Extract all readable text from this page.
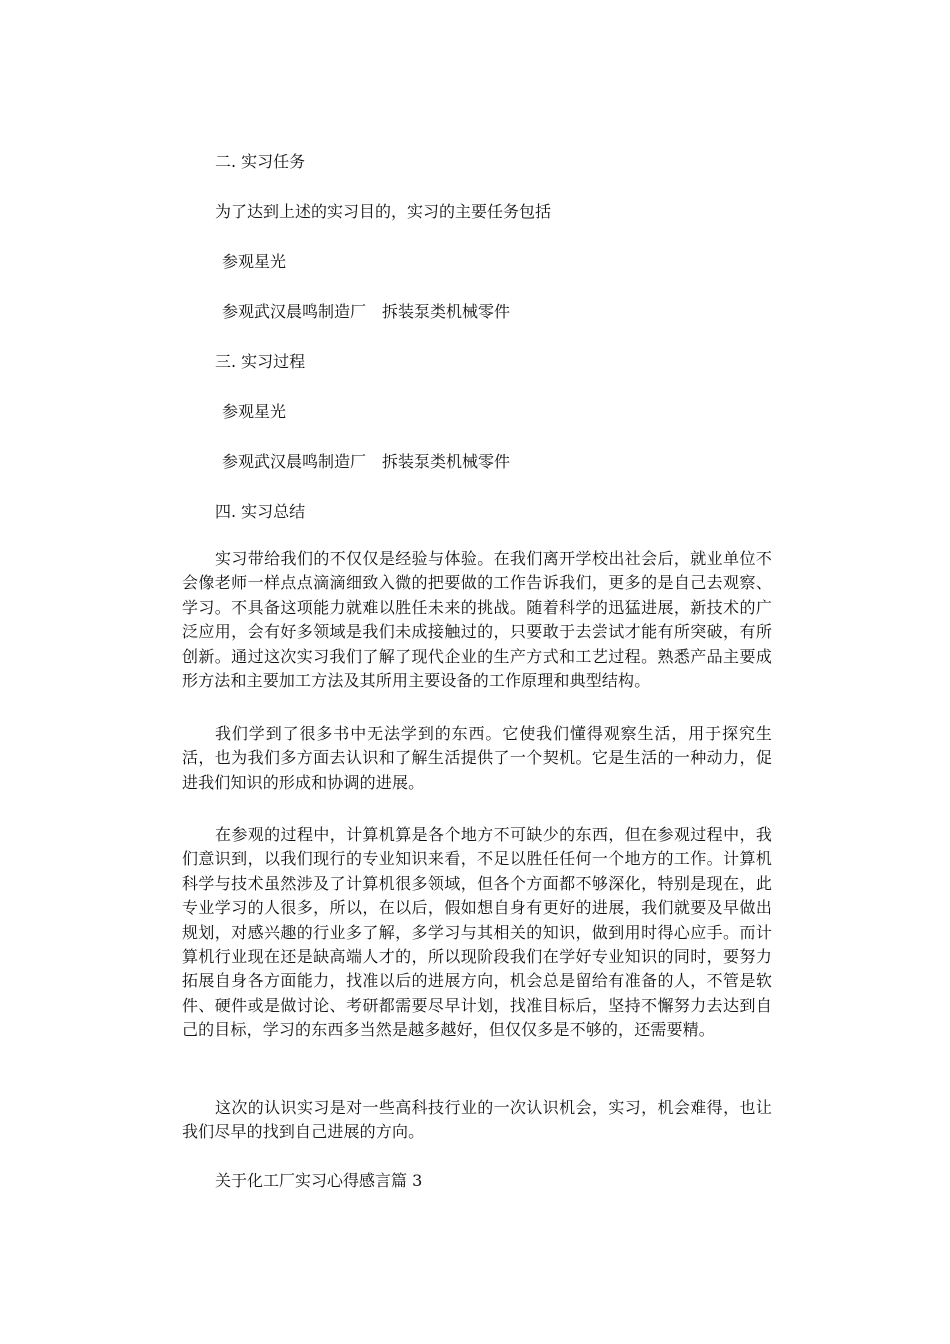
二. 实习任务
为了达到上述的实习目的，实习的主要任务包括
参观星光
参观武汉晨鸣制造厂 拆装泵类机械零件
三. 实习过程
参观星光
参观武汉晨鸣制造厂 拆装泵类机械零件
四. 实习总结
实习带给我们的不仅仅是经验与体验。在我们离开学校出社会后，就业单位不会像老师一样点点滴滴细致入微的把要做的工作告诉我们，更多的是自己去观察、学习。不具备这项能力就难以胜任未来的挑战。随着科学的迅猛进展，新技术的广泛应用，会有好多领域是我们未成接触过的，只要敢于去尝试才能有所突破，有所创新。通过这次实习我们了解了现代企业的生产方式和工艺过程。熟悉产品主要成形方法和主要加工方法及其所用主要设备的工作原理和典型结构。
我们学到了很多书中无法学到的东西。它使我们懂得观察生活，用于探究生活，也为我们多方面去认识和了解生活提供了一个契机。它是生活的一种动力，促进我们知识的形成和协调的进展。
在参观的过程中，计算机算是各个地方不可缺少的东西，但在参观过程中，我们意识到，以我们现行的专业知识来看，不足以胜任任何一个地方的工作。计算机科学与技术虽然涉及了计算机很多领域，但各个方面都不够深化，特别是现在，此专业学习的人很多，所以，在以后，假如想自身有更好的进展，我们就要及早做出规划，对感兴趣的行业多了解，多学习与其相关的知识，做到用时得心应手。而计算机行业现在还是缺高端人才的，所以现阶段我们在学好专业知识的同时，要努力拓展自身各方面能力，找准以后的进展方向，机会总是留给有准备的人，不管是软件、硬件或是做讨论、考研都需要尽早计划，找准目标后，坚持不懈努力去达到自己的目标，学习的东西多当然是越多越好，但仅仅多是不够的，还需要精。
这次的认识实习是对一些高科技行业的一次认识机会，实习，机会难得，也让我们尽早的找到自己进展的方向。
关于化工厂实习心得感言篇 3
